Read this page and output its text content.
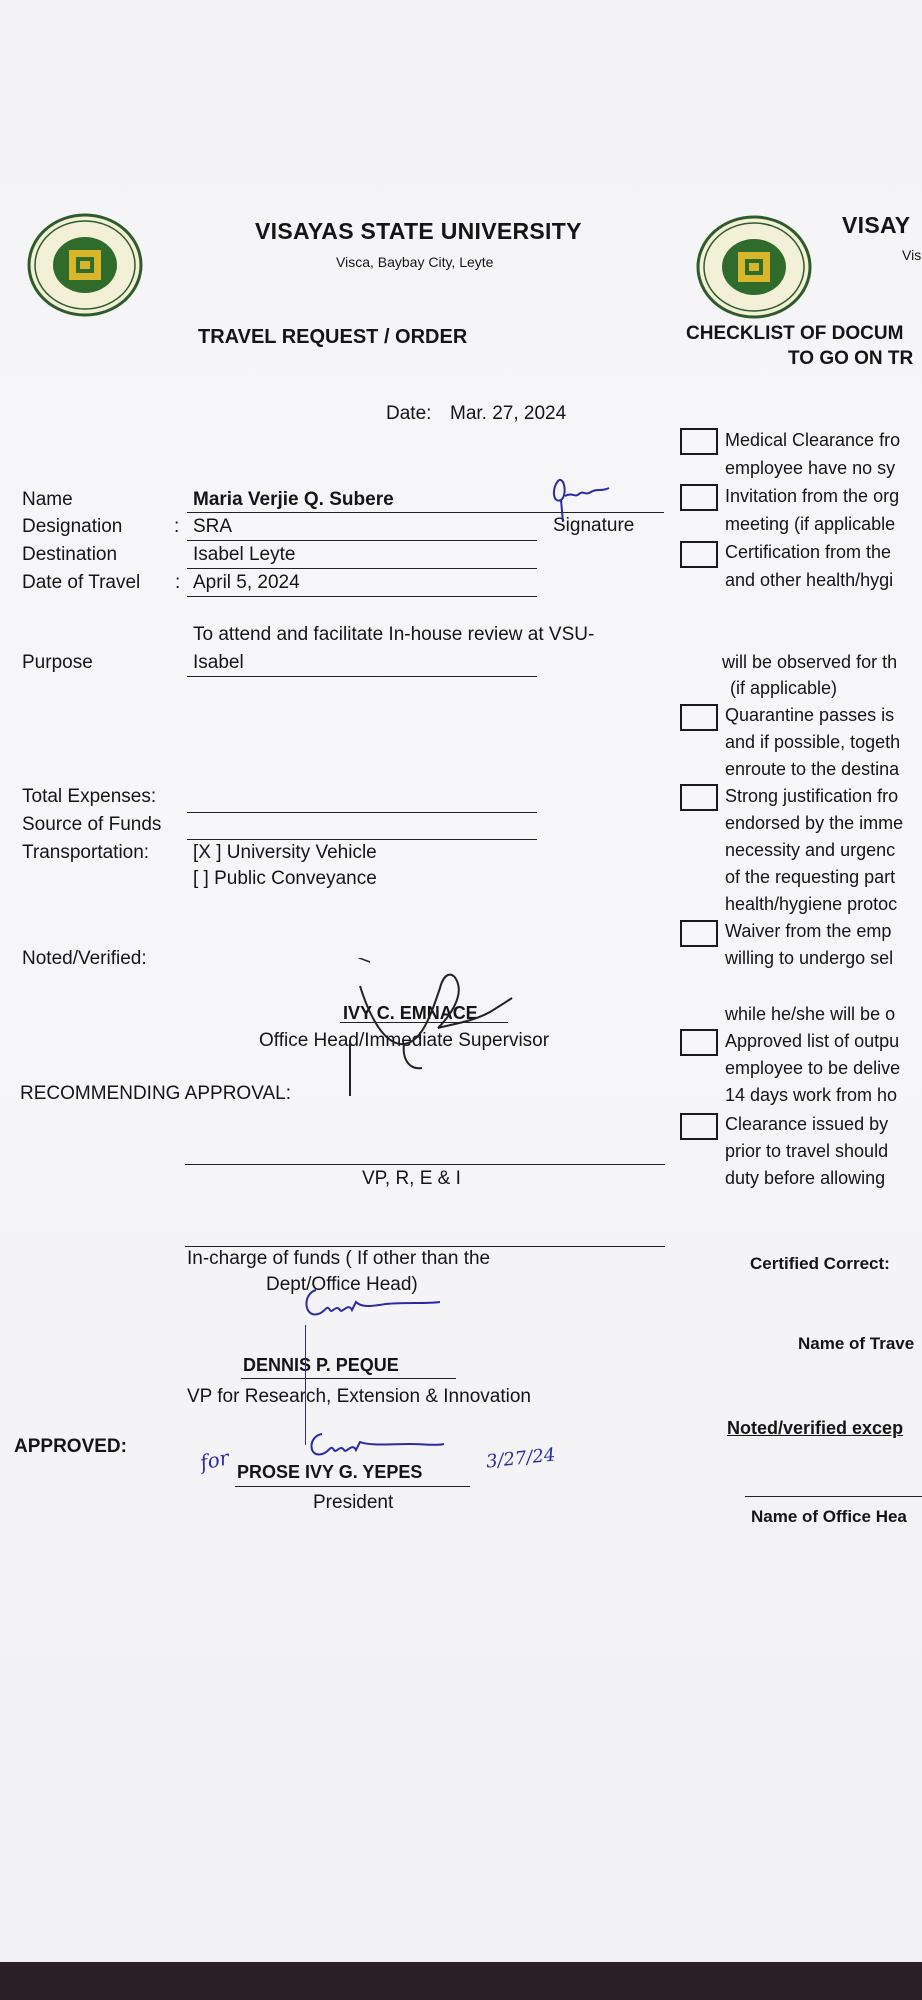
VISAYAS STATE UNIVERSITY
Visca, Baybay City, Leyte
TRAVEL REQUEST / ORDER
Date: Mar. 27, 2024
Name	Maria Verjie Q. Subere
Signature
Designation	: SRA
Destination	Isabel Leyte
Date of Travel : April 5, 2024
To attend and facilitate In-house review at VSU-
Purpose	Isabel
Total Expenses:
Source of Funds
Transportation: [X ] University Vehicle
[ ] Public Conveyance
Noted/Verified:
IVY C. EMNACE
Office Head/Immediate Supervisor
RECOMMENDING APPROVAL:
VP, R, E & I
In-charge of funds ( If other than the
Dept/Office Head)
DENNIS P. PEQUE
VP for Research, Extension & Innovation
APPROVED:	for PROSE IVY G. YEPES
President
3/27/24
VISAY
Vis
CHECKLIST OF DOCUM
TO GO ON TR
Medical Clearance fro
employee have no sy
Invitation from the org
meeting (if applicable
Certification from the
and other health/hygi
will be observed for th
(if applicable)
Quarantine passes is
and if possible, togeth
enroute to the destina
Strong justification fro
endorsed by the imme
necessity and urgenc
of the requesting part
health/hygiene protoc
Waiver from the emp
willing to undergo sel
while he/she will be o
Approved list of outpu
employee to be delive
14 days work from ho
Clearance issued by
prior to travel should
duty before allowing
Certified Correct:
Name of Trave
Noted/verified excep
Name of Office Hea
